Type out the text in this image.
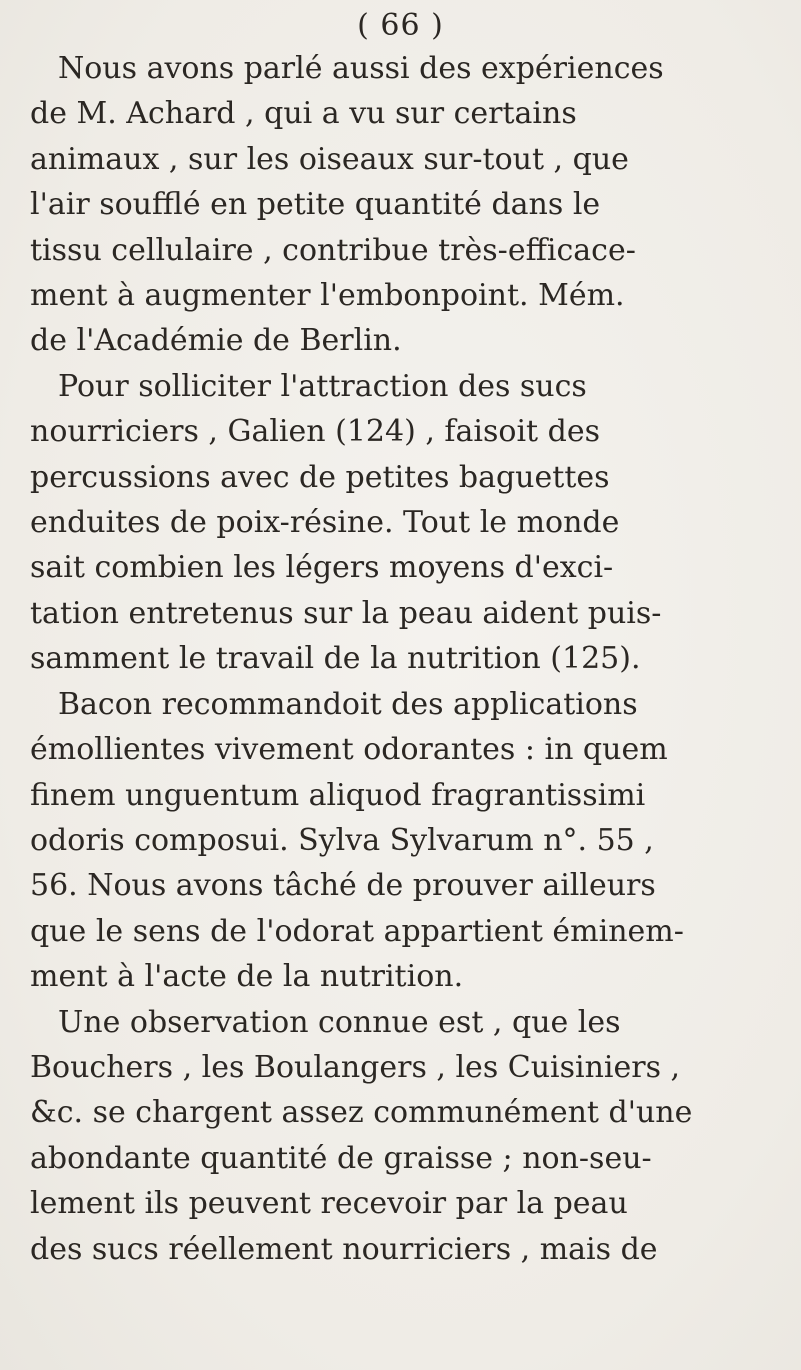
( 66 )
Nous avons parlé aussi des expériences
de M. Achard , qui a vu sur certains
animaux , sur les oiseaux sur-tout , que
l'air soufflé en petite quantité dans le
tissu cellulaire , contribue très-efficace-
ment à augmenter l'embonpoint. Mém.
de l'Académie de Berlin.
Pour solliciter l'attraction des sucs
nourriciers , Galien (124) , faisoit des
percussions avec de petites baguettes
enduites de poix-résine. Tout le monde
sait combien les légers moyens d'exci-
tation entretenus sur la peau aident puis-
samment le travail de la nutrition (125).
Bacon recommandoit des applications
émollientes vivement odorantes : in quem
finem unguentum aliquod fragrantissimi
odoris composui. Sylva Sylvarum n°. 55 ,
56. Nous avons tâché de prouver ailleurs
que le sens de l'odorat appartient éminem-
ment à l'acte de la nutrition.
Une observation connue est , que les
Bouchers , les Boulangers , les Cuisiniers ,
&c. se chargent assez communément d'une
abondante quantité de graisse ; non-seu-
lement ils peuvent recevoir par la peau
des sucs réellement nourriciers , mais de
